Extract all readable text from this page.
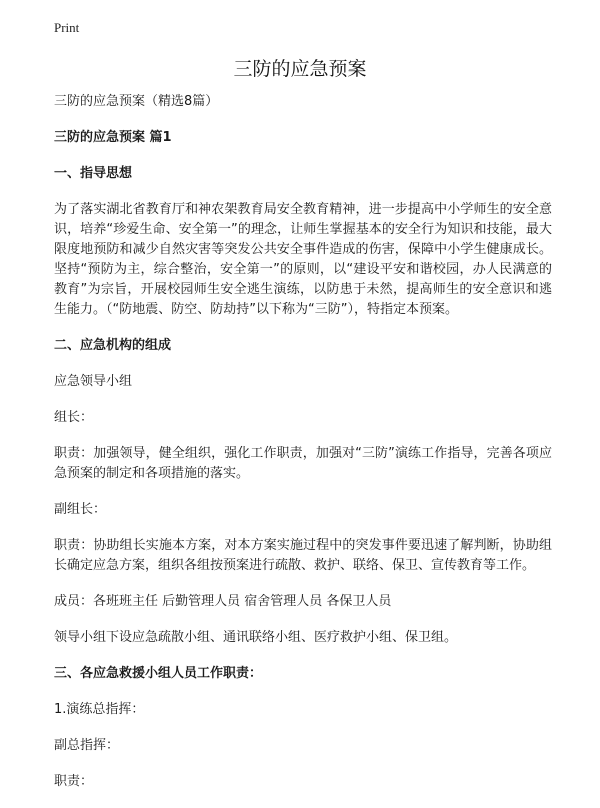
Print
三防的应急预案

三防的应急预案（精选8篇）

三防的应急预案 篇1

一、指导思想

为了落实湖北省教育厅和神农架教育局安全教育精神，进一步提高中小学师生的安全意识，培养“珍爱生命、安全第一”的理念，让师生掌握基本的安全行为知识和技能，最大限度地预防和减少自然灾害等突发公共安全事件造成的伤害，保障中小学生健康成长。坚持“预防为主，综合整治，安全第一”的原则，以“建设平安和谐校园，办人民满意的教育”为宗旨，开展校园师生安全逃生演练，以防患于未然，提高师生的安全意识和逃生能力。（“防地震、防空、防劫持”以下称为“三防”），特指定本预案。

二、应急机构的组成

应急领导小组

组长：

职责：加强领导，健全组织，强化工作职责，加强对“三防”演练工作指导，完善各项应急预案的制定和各项措施的落实。

副组长：

职责：协助组长实施本方案，对本方案实施过程中的突发事件要迅速了解判断，协助组长确定应急方案，组织各组按预案进行疏散、救护、联络、保卫、宣传教育等工作。

成员：各班班主任 后勤管理人员 宿舍管理人员 各保卫人员

领导小组下设应急疏散小组、通讯联络小组、医疗救护小组、保卫组。

三、各应急救援小组人员工作职责：

1.演练总指挥：

副总指挥：

职责：
